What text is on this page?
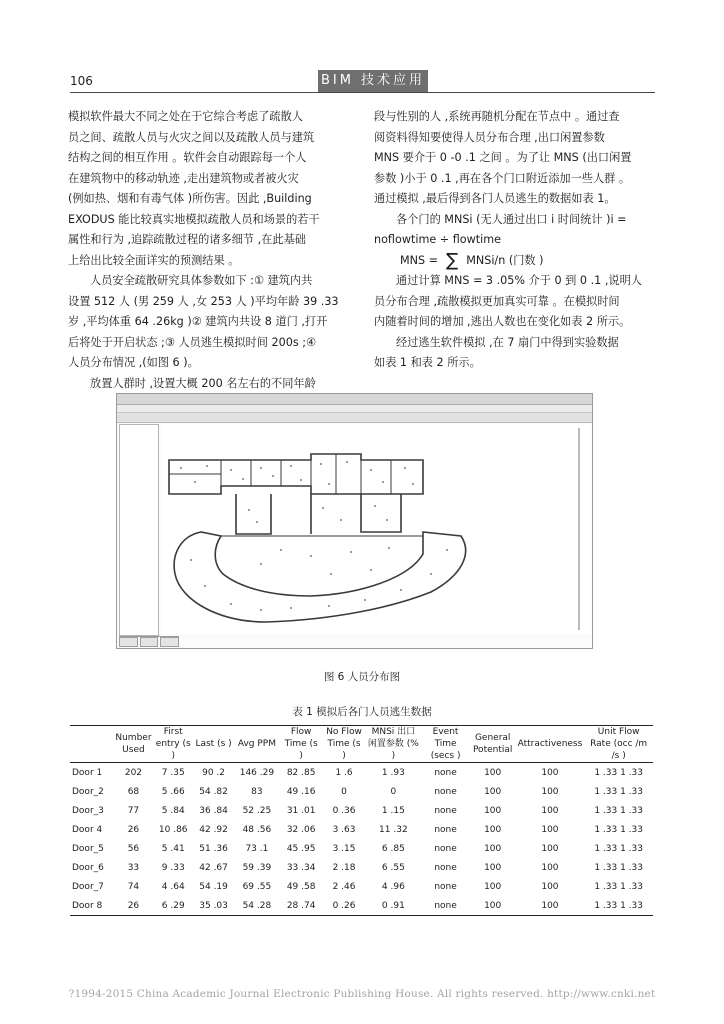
106	BIM 技术应用

模拟软件最大不同之处在于它综合考虑了疏散人

员之间、疏散人员与火灾之间以及疏散人员与建筑

结构之间的相互作用 。软件会自动跟踪每一个人

在建筑物中的移动轨迹 ,走出建筑物或者被火灾

(例如热、烟和有毒气体 )所伤害。因此 ,Building

EXODUS 能比较真实地模拟疏散人员和场景的若干

属性和行为 ,追踪疏散过程的诸多细节 ,在此基础

上给出比较全面详实的预测结果 。

人员安全疏散研究具体参数如下 :① 建筑内共

设置 512 人 (男 259 人 ,女 253 人 )平均年龄 39 .33

岁 ,平均体重 64 .26kg )② 建筑内共设 8 道门 ,打开

后将处于开启状态 ;③ 人员逃生模拟时间 200s ;④

人员分布情况 ,(如图 6 )。

放置人群时 ,设置大概 200 名左右的不同年龄

段与性别的人 ,系统再随机分配在节点中 。通过查

阅资料得知要使得人员分布合理 ,出口闲置参数

MNS 要介于 0 -0 .1 之间 。为了让 MNS (出口闲置

参数 )小于 0 .1 ,再在各个门口附近添加一些人群 。

通过模拟 ,最后得到各门人员逃生的数据如表 1。

各个门的 MNSi (无人通过出口 i 时间统计 )i =

noflowtime ÷ flowtime

MNS = ∑ MNSi/n (门数 )

通过计算 MNS = 3 .05% 介于 0 到 0 .1 ,说明人

员分布合理 ,疏散模拟更加真实可靠 。在模拟时间

内随着时间的增加 ,逃出人数也在变化如表 2 所示。

经过逃生软件模拟 ,在 7 扇门中得到实验数据

如表 1 和表 2 所示。

图 6 人员分布图
表 1 模拟后各门人员逃生数据
	Number Used	First entry (s )	Last (s )	Avg PPM	Flow Time (s )	No Flow Time (s )	MNSi 出口闲置参数 (% )	Event Time (secs )	General Potential	Attractiveness	Unit Flow Rate (occ /m /s )
Door 1	202	7 .35	90 .2	146 .29	82 .85	1 .6	1 .93	none	100	100	1 .33 1 .33
Door_2	68	5 .66	54 .82	83	49 .16	0	0	none	100	100	1 .33 1 .33
Door_3	77	5 .84	36 .84	52 .25	31 .01	0 .36	1 .15	none	100	100	1 .33 1 .33
Door 4	26	10 .86	42 .92	48 .56	32 .06	3 .63	11 .32	none	100	100	1 .33 1 .33
Door_5	56	5 .41	51 .36	73 .1	45 .95	3 .15	6 .85	none	100	100	1 .33 1 .33
Door_6	33	9 .33	42 .67	59 .39	33 .34	2 .18	6 .55	none	100	100	1 .33 1 .33
Door_7	74	4 .64	54 .19	69 .55	49 .58	2 .46	4 .96	none	100	100	1 .33 1 .33
Door 8	26	6 .29	35 .03	54 .28	28 .74	0 .26	0 .91	none	100	100	1 .33 1 .33
?1994-2015 China Academic Journal Electronic Publishing House. All rights reserved. http://www.cnki.net
